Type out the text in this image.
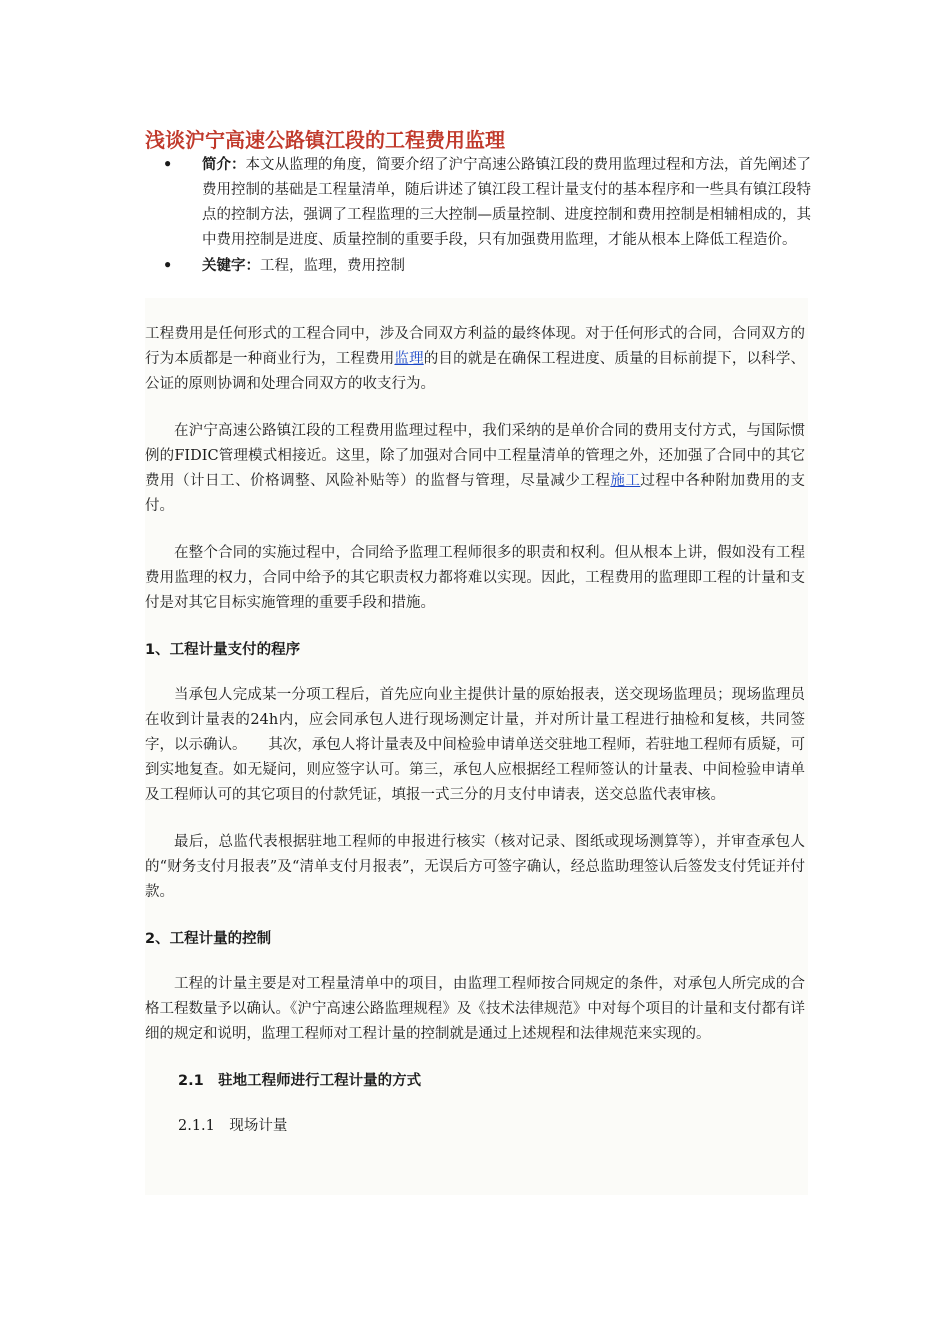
浅谈沪宁高速公路镇江段的工程费用监理
•	简介：本文从监理的角度，简要介绍了沪宁高速公路镇江段的费用监理过程和方法，首先阐述了费用控制的基础是工程量清单，随后讲述了镇江段工程计量支付的基本程序和一些具有镇江段特点的控制方法，强调了工程监理的三大控制—质量控制、进度控制和费用控制是相辅相成的，其中费用控制是进度、质量控制的重要手段，只有加强费用监理，才能从根本上降低工程造价。
•	关键字：工程，监理，费用控制

工程费用是任何形式的工程合同中，涉及合同双方利益的最终体现。对于任何形式的合同，合同双方的行为本质都是一种商业行为，工程费用监理的目的就是在确保工程进度、质量的目标前提下，以科学、公证的原则协调和处理合同双方的收支行为。

在沪宁高速公路镇江段的工程费用监理过程中，我们采纳的是单价合同的费用支付方式，与国际惯例的FIDIC管理模式相接近。这里，除了加强对合同中工程量清单的管理之外，还加强了合同中的其它费用（计日工、价格调整、风险补贴等）的监督与管理，尽量减少工程施工过程中各种附加费用的支付。

在整个合同的实施过程中，合同给予监理工程师很多的职责和权利。但从根本上讲，假如没有工程费用监理的权力，合同中给予的其它职责权力都将难以实现。因此，工程费用的监理即工程的计量和支付是对其它目标实施管理的重要手段和措施。

1、工程计量支付的程序

当承包人完成某一分项工程后，首先应向业主提供计量的原始报表，送交现场监理员；现场监理员在收到计量表的24h内，应会同承包人进行现场测定计量，并对所计量工程进行抽检和复核，共同签字，以示确认。　　其次，承包人将计量表及中间检验申请单送交驻地工程师，若驻地工程师有质疑，可到实地复查。如无疑问，则应签字认可。第三，承包人应根据经工程师签认的计量表、中间检验申请单及工程师认可的其它项目的付款凭证，填报一式三分的月支付申请表，送交总监代表审核。

最后，总监代表根据驻地工程师的申报进行核实（核对记录、图纸或现场测算等），并审查承包人的“财务支付月报表”及“清单支付月报表”，无误后方可签字确认，经总监助理签认后签发支付凭证并付款。

2、工程计量的控制

工程的计量主要是对工程量清单中的项目，由监理工程师按合同规定的条件，对承包人所完成的合格工程数量予以确认。《沪宁高速公路监理规程》及《技术法律规范》中对每个项目的计量和支付都有详细的规定和说明，监理工程师对工程计量的控制就是通过上述规程和法律规范来实现的。

2.1　驻地工程师进行工程计量的方式
2.1.1　现场计量
